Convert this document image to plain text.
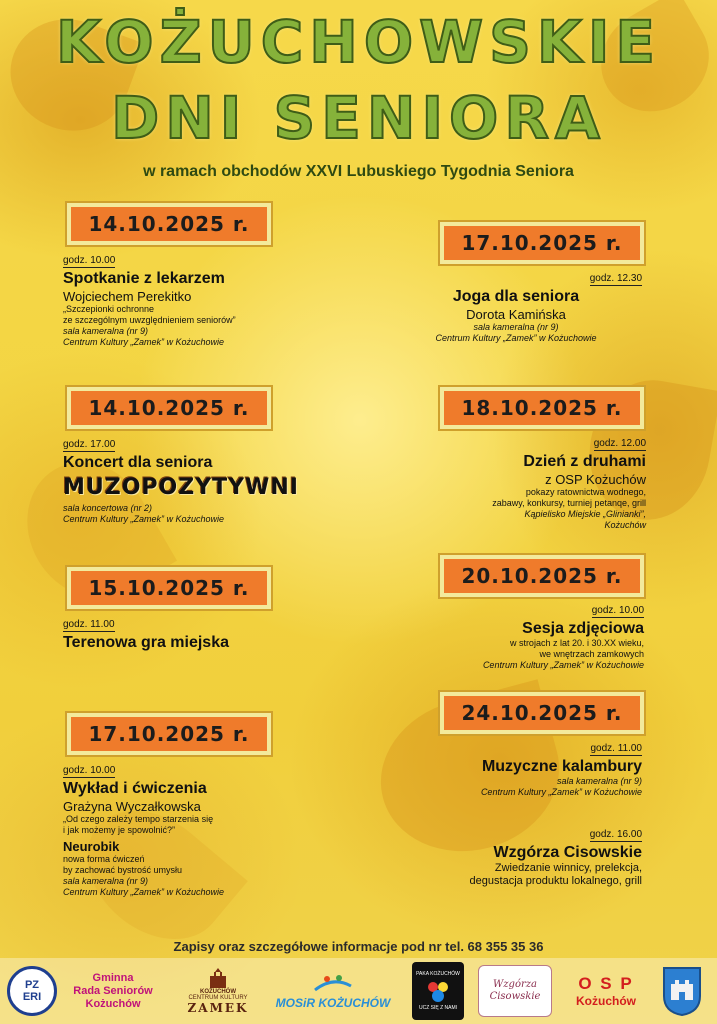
KOŻUCHOWSKIE
DNI SENIORA
w ramach obchodów XXVI Lubuskiego Tygodnia Seniora
14.10.2025 r.
godz. 10.00
Spotkanie z lekarzem
Wojciechem Perekitko
„Szczepionki ochronne
ze szczególnym uwzględnieniem seniorów”
sala kameralna (nr 9)
Centrum Kultury „Zamek” w Kożuchowie
14.10.2025 r.
godz. 17.00
Koncert dla seniora
MUZOPOZYTYWNI
sala koncertowa (nr 2)
Centrum Kultury „Zamek” w Kożuchowie
15.10.2025 r.
godz. 11.00
Terenowa gra miejska
17.10.2025 r.
godz. 10.00
Wykład i ćwiczenia
Grażyna Wyczałkowska
„Od czego zależy tempo starzenia się
i jak możemy je spowolnić?”
Neurobik
nowa forma ćwiczeń
by zachować bystrość umysłu
sala kameralna (nr 9)
Centrum Kultury „Zamek” w Kożuchowie
17.10.2025 r.
godz. 12.30
Joga dla seniora
Dorota Kamińska
sala kameralna (nr 9)
Centrum Kultury „Zamek” w Kożuchowie
18.10.2025 r.
godz. 12.00
Dzień z druhami
z OSP Kożuchów
pokazy ratownictwa wodnego,
zabawy, konkursy, turniej petanqe, grill
Kąpielisko Miejskie „Glinianki”,
Kożuchów
20.10.2025 r.
godz. 10.00
Sesja zdjęciowa
w strojach z lat 20. i 30.XX wieku,
we wnętrzach zamkowych
Centrum Kultury „Zamek” w Kożuchowie
24.10.2025 r.
godz. 11.00
Muzyczne kalambury
sala kameralna (nr 9)
Centrum Kultury „Zamek” w Kożuchowie
godz. 16.00
Wzgórza Cisowskie
Zwiedzanie winnicy, prelekcja,
degustacja produktu lokalnego, grill
Zapisy oraz szczegółowe informacje pod nr tel. 68 355 35 36
PZ
ERI
Gminna
Rada Seniorów
Kożuchów
KOŻUCHÓW
CENTRUM KULTURY
ZAMEK MOSiR KOŻUCHÓW
PAKA KOŻUCHÓW
UCZ SIĘ Z NAMI
Wzgórza Cisowskie
O S P
Kożuchów
